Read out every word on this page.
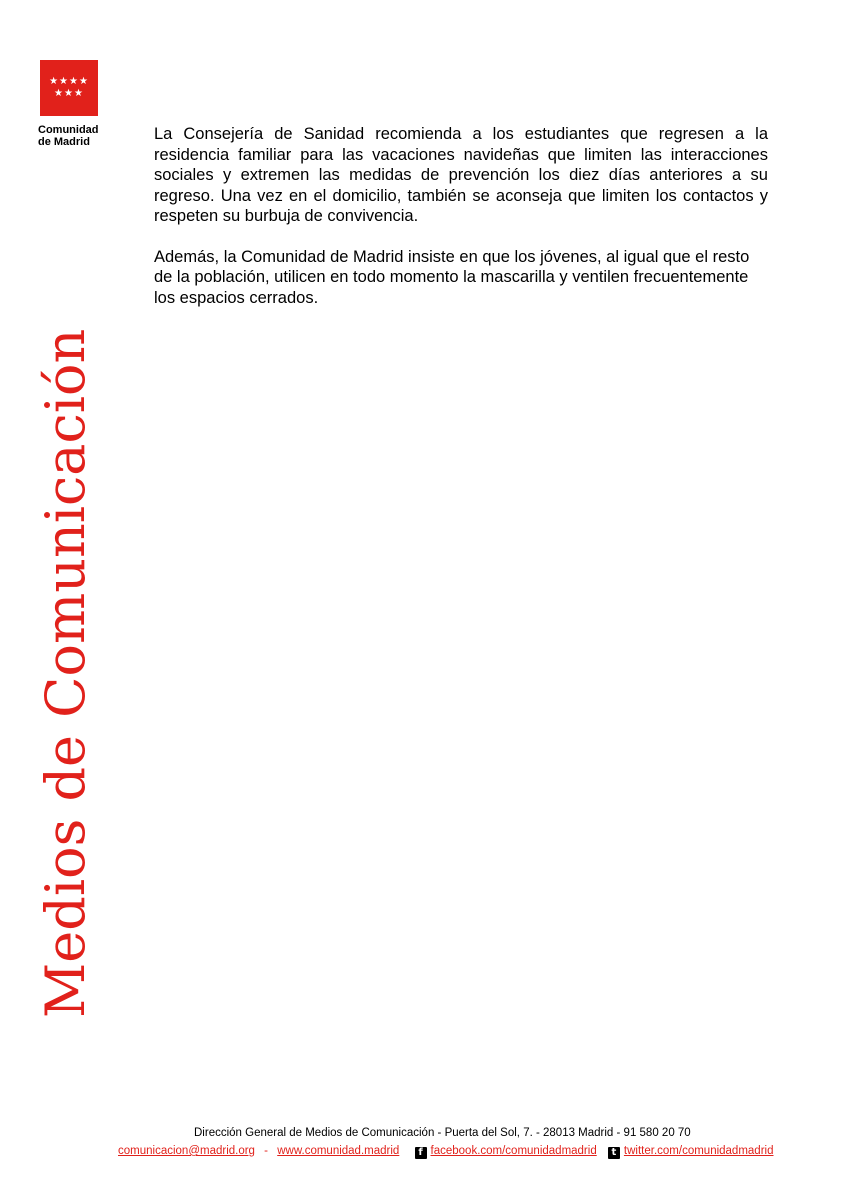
★★★★
★★★
Comunidad
de Madrid
Medios de Comunicación

La Consejería de Sanidad recomienda a los estudiantes que regresen a la residencia familiar para las vacaciones navideñas que limiten las interacciones sociales y extremen las medidas de prevención los diez días anteriores a su regreso. Una vez en el domicilio, también se aconseja que limiten los contactos y respeten su burbuja de convivencia.

Además, la Comunidad de Madrid insiste en que los jóvenes, al igual que el resto de la población, utilicen en todo momento la mascarilla y ventilen frecuentemente los espacios cerrados.

Dirección General de Medios de Comunicación - Puerta del Sol, 7. - 28013 Madrid - 91 580 20 70
comunicacion@madrid.org - www.comunidad.madrid f facebook.com/comunidadmadrid t twitter.com/comunidadmadrid
